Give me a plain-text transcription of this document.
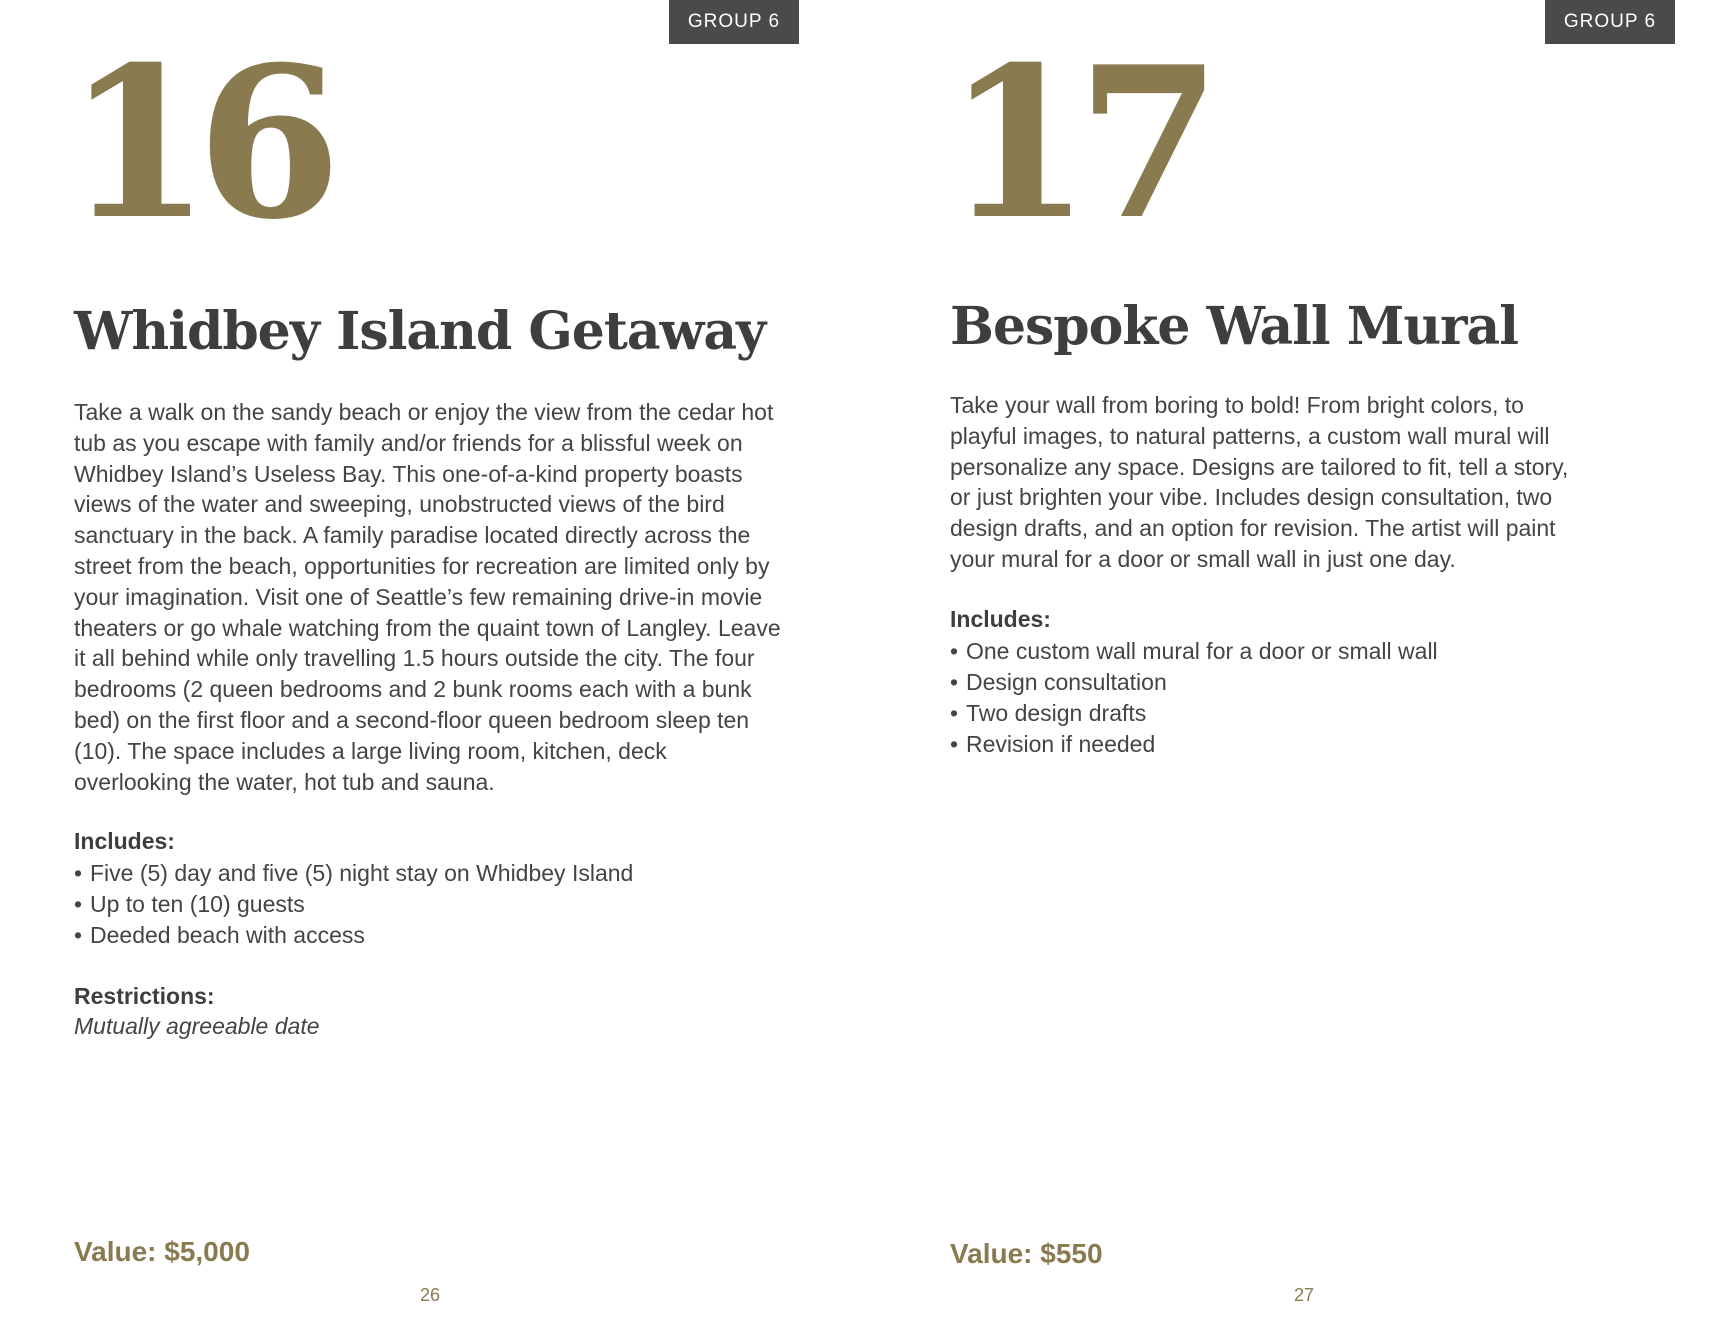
GROUP 6
16
Whidbey Island Getaway
Take a walk on the sandy beach or enjoy the view from the cedar hot tub as you escape with family and/or friends for a blissful week on Whidbey Island’s Useless Bay. This one-of-a-kind property boasts views of the water and sweeping, unobstructed views of the bird sanctuary in the back. A family paradise located directly across the street from the beach, opportunities for recreation are limited only by your imagination. Visit one of Seattle’s few remaining drive-in movie theaters or go whale watching from the quaint town of Langley. Leave it all behind while only travelling 1.5 hours outside the city. The four bedrooms (2 queen bedrooms and 2 bunk rooms each with a bunk bed) on the first floor and a second-floor queen bedroom sleep ten (10). The space includes a large living room, kitchen, deck overlooking the water, hot tub and sauna.
Includes:
• Five (5) day and five (5) night stay on Whidbey Island
• Up to ten (10) guests
• Deeded beach with access
Restrictions:
Mutually agreeable date
Value: $5,000
26
GROUP 6
17
Bespoke Wall Mural
Take your wall from boring to bold! From bright colors, to playful images, to natural patterns, a custom wall mural will personalize any space. Designs are tailored to fit, tell a story, or just brighten your vibe. Includes design consultation, two design drafts, and an option for revision. The artist will paint your mural for a door or small wall in just one day.
Includes:
• One custom wall mural for a door or small wall
• Design consultation
• Two design drafts
• Revision if needed
Value: $550
27
